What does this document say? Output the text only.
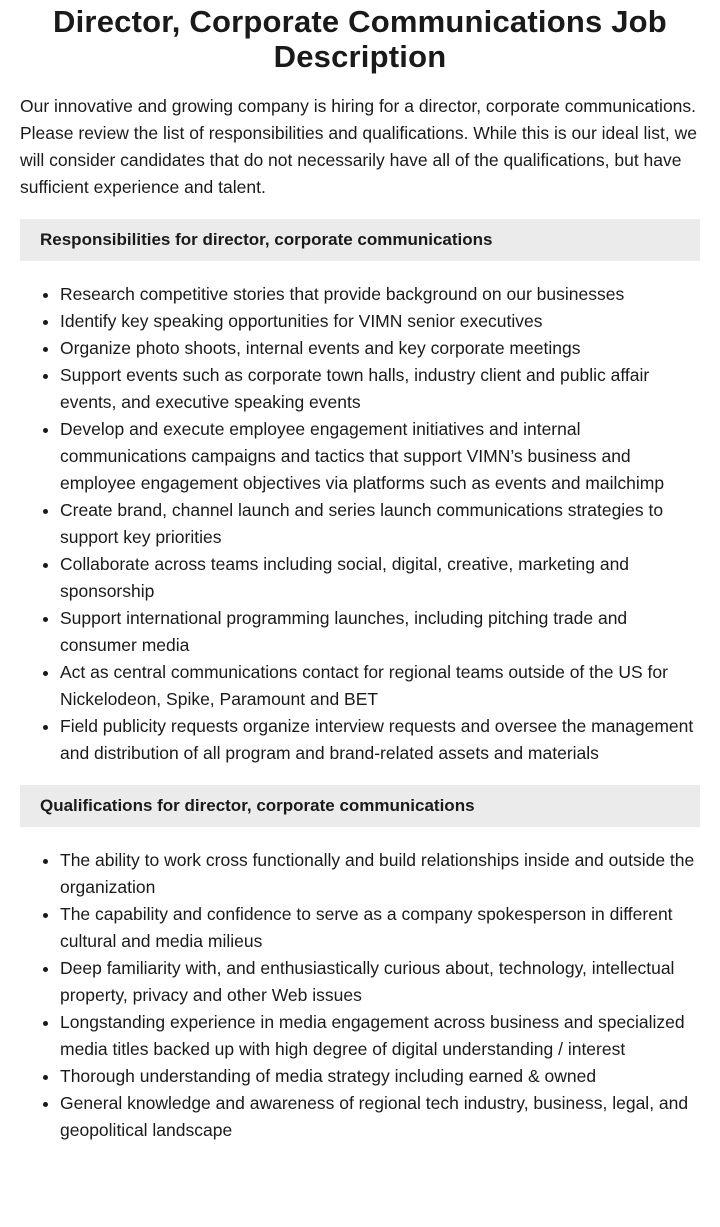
Director, Corporate Communications Job Description

Our innovative and growing company is hiring for a director, corporate communications. Please review the list of responsibilities and qualifications. While this is our ideal list, we will consider candidates that do not necessarily have all of the qualifications, but have sufficient experience and talent.

Responsibilities for director, corporate communications
• Research competitive stories that provide background on our businesses
• Identify key speaking opportunities for VIMN senior executives
• Organize photo shoots, internal events and key corporate meetings
• Support events such as corporate town halls, industry client and public affair events, and executive speaking events
• Develop and execute employee engagement initiatives and internal communications campaigns and tactics that support VIMN’s business and employee engagement objectives via platforms such as events and mailchimp
• Create brand, channel launch and series launch communications strategies to support key priorities
• Collaborate across teams including social, digital, creative, marketing and sponsorship
• Support international programming launches, including pitching trade and consumer media
• Act as central communications contact for regional teams outside of the US for Nickelodeon, Spike, Paramount and BET
• Field publicity requests organize interview requests and oversee the management and distribution of all program and brand-related assets and materials
Qualifications for director, corporate communications
• The ability to work cross functionally and build relationships inside and outside the organization
• The capability and confidence to serve as a company spokesperson in different cultural and media milieus
• Deep familiarity with, and enthusiastically curious about, technology, intellectual property, privacy and other Web issues
• Longstanding experience in media engagement across business and specialized media titles backed up with high degree of digital understanding / interest
• Thorough understanding of media strategy including earned & owned
• General knowledge and awareness of regional tech industry, business, legal, and geopolitical landscape
